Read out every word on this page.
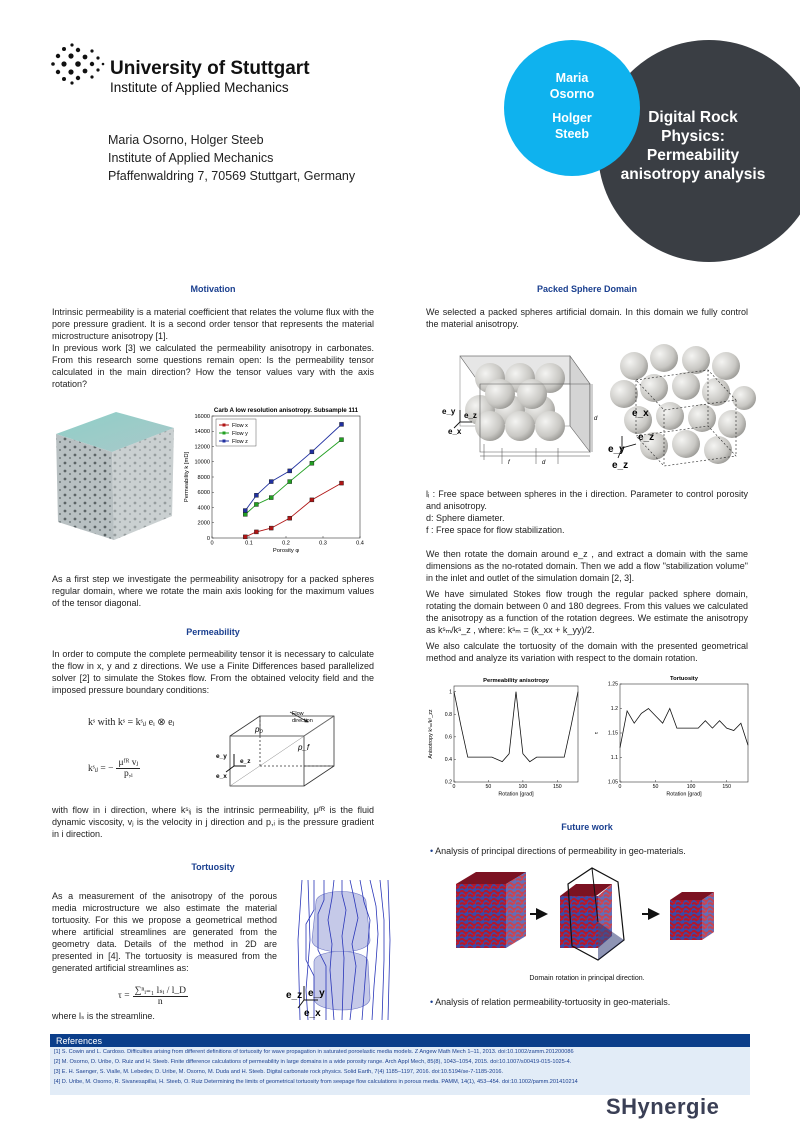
University of Stuttgart
Institute of Applied Mechanics
Maria Osorno, Holger Steeb
Institute of Applied Mechanics
Pfaffenwaldring 7, 70569 Stuttgart, Germany
Digital Rock
Physics:
Permeability
anisotropy analysis
Maria
Osorno
Holger
Steeb
Motivation
Intrinsic permeability is a material coefficient that relates the volume flux with the pore pressure gradient. It is a second order tensor that represents the material microstructure anisotropy [1].
In previous work [3] we calculated the permeability anisotropy in carbonates. From this research some questions remain open: Is the permeability tensor calculated in the main direction? How the tensor values vary with the axis rotation?
Carb A low resolution anisotropy. Subsample 111
0	0.1	0.2	0.3	0.4
0
2000
4000
6000
8000
10000
12000
14000
16000
Porosity φ
Permeability k [mD]
Flow x
Flow y
Flow z
As a first step we investigate the permeability anisotropy for a packed spheres regular domain, where we rotate the main axis looking for the maximum values of the tensor diagonal.
Permeability
In order to compute the complete permeability tensor it is necessary to calculate the flow in x, y and z directions. We use a Finite Differences based parallelized solver [2] to simulate the Stokes flow. From the obtained velocity field and the imposed pressure boundary conditions:
kˢ with kˢ = kˢᵢⱼ eᵢ ⊗ eⱼ
kˢᵢⱼ = −
μᶠᴿ vⱼ
p,ᵢ
p₀
p_f
Flow
direction
e_y
e_z
e_x
with flow in i direction, where kˢᵢⱼ is the intrinsic permeability, μᶠᴿ is the fluid dynamic viscosity, vⱼ is the velocity in j direction and p,ᵢ is the pressure gradient in i direction.
Tortuosity
As a measurement of the anisotropy of the porous media microstructure we also estimate the material tortuosity. For this we propose a geometrical method where artificial streamlines are generated from the geometry data. Details of the method in 2D are presented in [4]. The tortuosity is measured from the generated artificial streamlines as:
τ = ∑ⁿᵢ₌₁ lₛᵢ / l_D
n
where lₛ is the streamline.
e_z e_y
e_x
Packed Sphere Domain
We selected a packed spheres artificial domain. In this domain we fully control the material anisotropy.
f	d
d
e_y e_z
e_x
e_y
e_z
e_z
e_x
lᵢ : Free space between spheres in the i direction. Parameter to control porosity and anisotropy.
d: Sphere diameter.
f : Free space for flow stabilization.
We then rotate the domain around e_z , and extract a domain with the same dimensions as the no-rotated domain. Then we add a flow "stabilization volume" in the inlet and outlet of the simulation domain [2, 3].
We have simulated Stokes flow trough the regular packed sphere domain, rotating the domain between 0 and 180 degrees. From this values we calculated the anisotropy as a function of the rotation degrees. We estimate the anisotropy as kˢₘ/kˢ_z , where: kˢₘ = (k_xx + k_yy)/2.
We also calculate the tortuosity of the domain with the presented geometrical method and analyze its variation with respect to the domain rotation.
Permeability anisotropy
0	50	100	150
0.2
0.4
0.6
0.8
1
Rotation [grad]
Anisotropy kˢₘ/kˢ_zz
Tortuosity
0	50	100	150
1.05
1.1
1.15
1.2
1.25
Rotation [grad]
τ
Future work
• Analysis of principal directions of permeability in geo-materials.
Domain rotation in principal direction.
• Analysis of relation permeability-tortuosity in geo-materials.
References
[1] S. Cowin and L. Cardoso. Difficulties arising from different definitions of tortuosity for wave propagation in saturated poroelastic media models. Z Angew Math Mech 1–11, 2013. doi:10.1002/zamm.201200086
[2] M. Osorno, D. Uribe, O. Ruiz and H. Steeb. Finite difference calculations of permeability in large domains in a wide porosity range. Arch Appl Mech, 85(8), 1043–1054, 2015. doi:10.1007/s00419-015-1025-4.
[3] E. H. Saenger, S. Vialle, M. Lebedev, D. Uribe, M. Osorno, M. Duda and H. Steeb. Digital carbonate rock physics. Solid Earth, 7(4) 1185–1197, 2016. doi:10.5194/se-7-1185-2016.
[4] D. Uribe, M. Osorno, R. Sivanesapillai, H. Steeb, O. Ruiz Determining the limits of geometrical tortuosity from seepage flow calculations in porous media. PAMM, 14(1), 453–454. doi:10.1002/pamm.201410214
SHynergie
